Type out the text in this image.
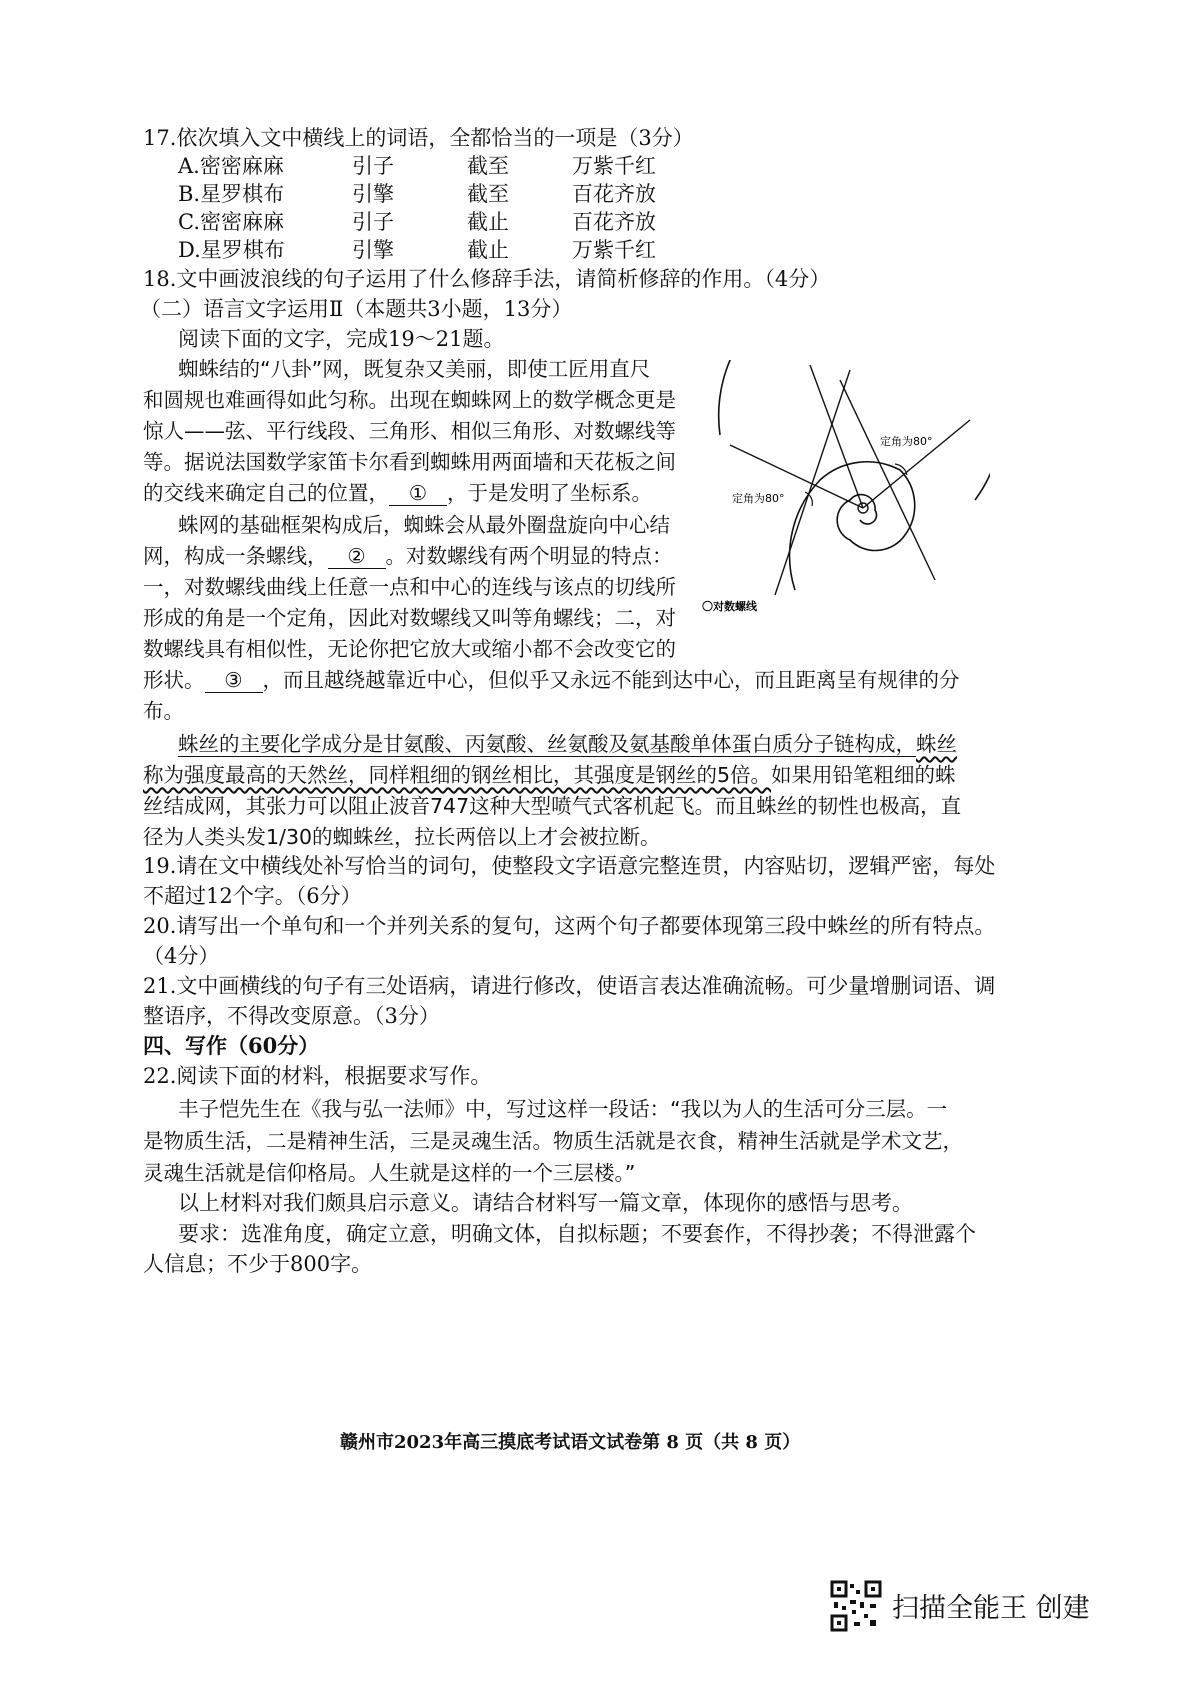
17.依次填入文中横线上的词语，全都恰当的一项是（3分）
A.密密麻麻	引子	截至	万紫千红
B.星罗棋布	引擎	截至	百花齐放
C.密密麻麻	引子	截止	百花齐放
D.星罗棋布	引擎	截止	万紫千红
18.文中画波浪线的句子运用了什么修辞手法，请简析修辞的作用。（4分）
（二）语言文字运用Ⅱ（本题共3小题，13分）
阅读下面的文字，完成19～21题。
蜘蛛结的“八卦”网，既复杂又美丽，即使工匠用直尺
和圆规也难画得如此匀称。出现在蜘蛛网上的数学概念更是
惊人——弦、平行线段、三角形、相似三角形、对数螺线等
等。据说法国数学家笛卡尔看到蜘蛛用两面墙和天花板之间
的交线来确定自己的位置， ① ，于是发明了坐标系。
蛛网的基础框架构成后，蜘蛛会从最外圈盘旋向中心结
网，构成一条螺线， ② 。对数螺线有两个明显的特点：
一，对数螺线曲线上任意一点和中心的连线与该点的切线所
形成的角是一个定角，因此对数螺线又叫等角螺线；二，对
数螺线具有相似性，无论你把它放大或缩小都不会改变它的
形状。 ③ ，而且越绕越靠近中心，但似乎又永远不能到达中心，而且距离呈有规律的分
布。
蛛丝的主要化学成分是甘氨酸、丙氨酸、丝氨酸及氨基酸单体蛋白质分子链构成，蛛丝
称为强度最高的天然丝，同样粗细的钢丝相比，其强度是钢丝的5倍。如果用铅笔粗细的蛛
丝结成网，其张力可以阻止波音747这种大型喷气式客机起飞。而且蛛丝的韧性也极高，直
径为人类头发1/30的蜘蛛丝，拉长两倍以上才会被拉断。
定角为80°
定角为80°
〇对数螺线
19.请在文中横线处补写恰当的词句，使整段文字语意完整连贯，内容贴切，逻辑严密，每处
不超过12个字。（6分）
20.请写出一个单句和一个并列关系的复句，这两个句子都要体现第三段中蛛丝的所有特点。
（4分）
21.文中画横线的句子有三处语病，请进行修改，使语言表达准确流畅。可少量增删词语、调
整语序，不得改变原意。（3分）
四、写作（60分）
22.阅读下面的材料，根据要求写作。
丰子恺先生在《我与弘一法师》中，写过这样一段话：“我以为人的生活可分三层。一
是物质生活，二是精神生活，三是灵魂生活。物质生活就是衣食，精神生活就是学术文艺，
灵魂生活就是信仰格局。人生就是这样的一个三层楼。”
以上材料对我们颇具启示意义。请结合材料写一篇文章，体现你的感悟与思考。
要求：选准角度，确定立意，明确文体，自拟标题；不要套作，不得抄袭；不得泄露个
人信息；不少于800字。
赣州市2023年高三摸底考试语文试卷第 8 页（共 8 页）
扫描全能王 创建
